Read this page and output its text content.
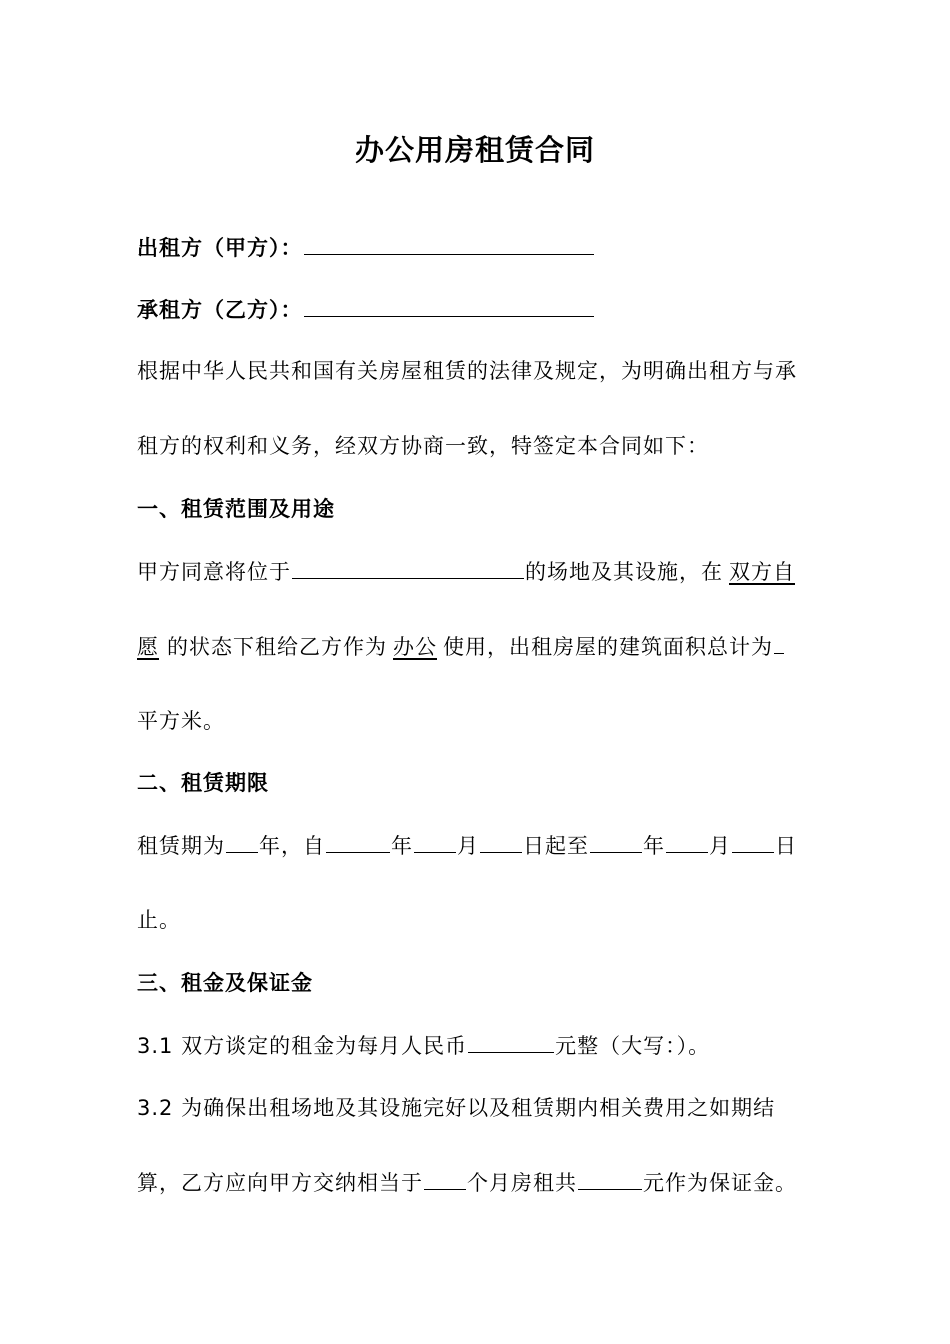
办公用房租赁合同
出租方（甲方）：
承租方（乙方）：
根据中华人民共和国有关房屋租赁的法律及规定，为明确出租方与承
租方的权利和义务，经双方协商一致，特签定本合同如下：
一、租赁范围及用途
甲方同意将位于	的场地及其设施，在 双方自
愿 的状态下租给乙方作为 办公 使用，出租房屋的建筑面积总计为
平方米。
二、租赁期限
租赁期为 年，自	年 月 日起至	年 月 日
止。
三、租金及保证金
3.1 双方谈定的租金为每月人民币	元整（大写：）。
3.2 为确保出租场地及其设施完好以及租赁期内相关费用之如期结
算，乙方应向甲方交纳相当于 个月房租共	元作为保证金。
